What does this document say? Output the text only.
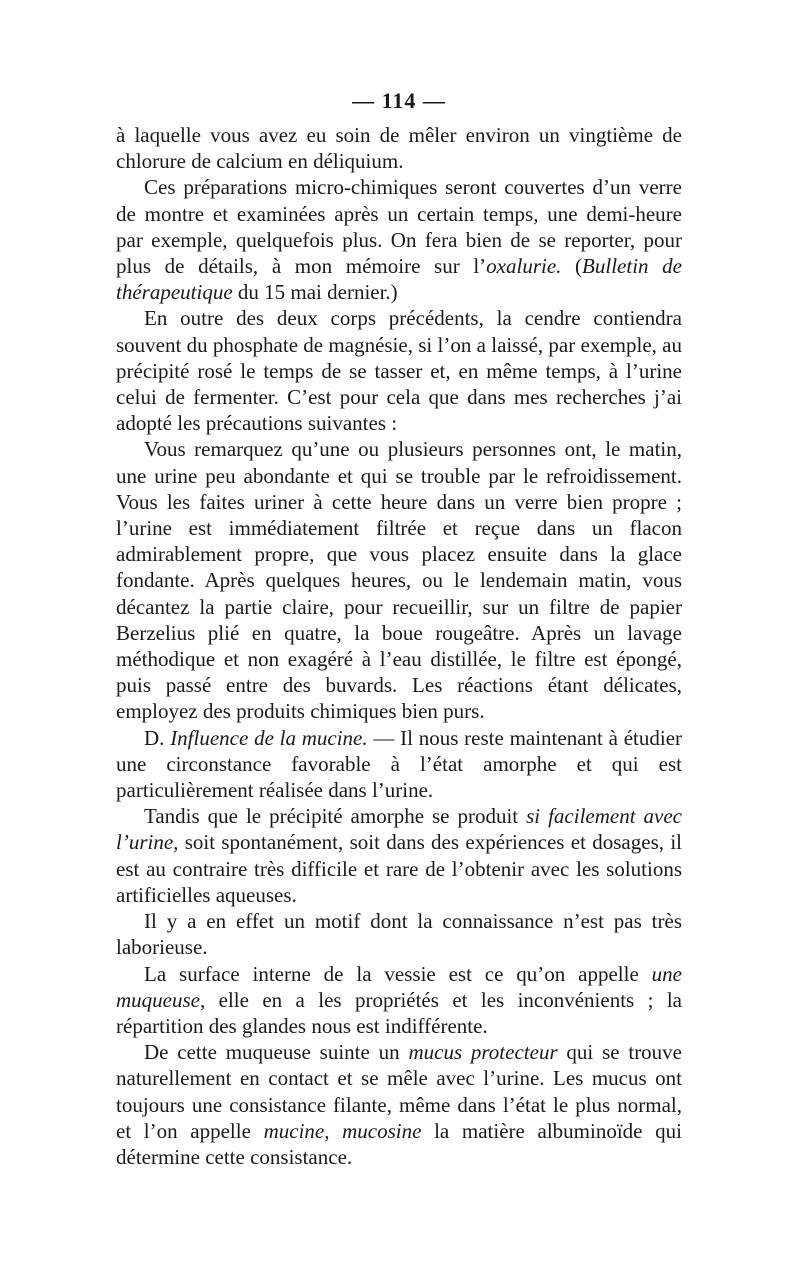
— 114 —

à laquelle vous avez eu soin de mêler environ un vingtième de chlorure de calcium en déliquium.

Ces préparations micro-chimiques seront couvertes d’un verre de montre et examinées après un certain temps, une demi-heure par exemple, quelquefois plus. On fera bien de se reporter, pour plus de détails, à mon mémoire sur l’oxalurie. (Bulletin de thérapeutique du 15 mai dernier.)

En outre des deux corps précédents, la cendre contiendra souvent du phosphate de magnésie, si l’on a laissé, par exemple, au précipité rosé le temps de se tasser et, en même temps, à l’urine celui de fermenter. C’est pour cela que dans mes recherches j’ai adopté les précautions suivantes :

Vous remarquez qu’une ou plusieurs personnes ont, le matin, une urine peu abondante et qui se trouble par le refroidissement. Vous les faites uriner à cette heure dans un verre bien propre ; l’urine est immédiatement filtrée et reçue dans un flacon admirablement propre, que vous placez ensuite dans la glace fondante. Après quelques heures, ou le lendemain matin, vous décantez la partie claire, pour recueillir, sur un filtre de papier Berzelius plié en quatre, la boue rougeâtre. Après un lavage méthodique et non exagéré à l’eau distillée, le filtre est épongé, puis passé entre des buvards. Les réactions étant délicates, employez des produits chimiques bien purs.

D. Influence de la mucine. — Il nous reste maintenant à étudier une circonstance favorable à l’état amorphe et qui est particulièrement réalisée dans l’urine.

Tandis que le précipité amorphe se produit si facilement avec l’urine, soit spontanément, soit dans des expériences et dosages, il est au contraire très difficile et rare de l’obtenir avec les solutions artificielles aqueuses.

Il y a en effet un motif dont la connaissance n’est pas très laborieuse.

La surface interne de la vessie est ce qu’on appelle une muqueuse, elle en a les propriétés et les inconvénients ; la répartition des glandes nous est indifférente.

De cette muqueuse suinte un mucus protecteur qui se trouve naturellement en contact et se mêle avec l’urine. Les mucus ont toujours une consistance filante, même dans l’état le plus normal, et l’on appelle mucine, mucosine la matière albuminoïde qui détermine cette consistance.
